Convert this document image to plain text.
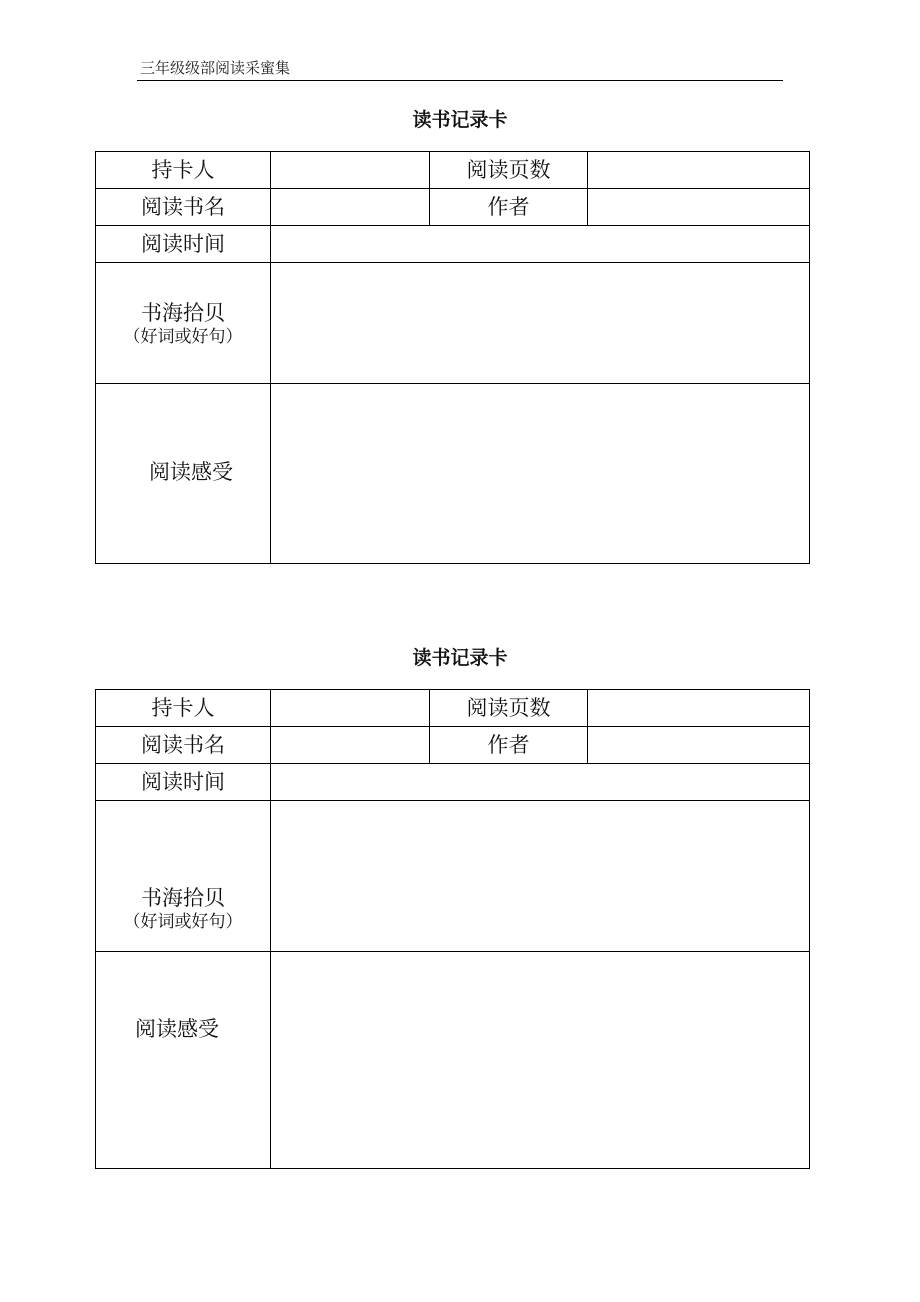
三年级级部阅读采蜜集
读书记录卡
持卡人		阅读页数	
阅读书名		作者	
阅读时间			

书海拾贝
（好词或好句）			

阅读感受			

读书记录卡
持卡人		阅读页数	
阅读书名		作者	
阅读时间			

书海拾贝
（好词或好句）			

阅读感受			
